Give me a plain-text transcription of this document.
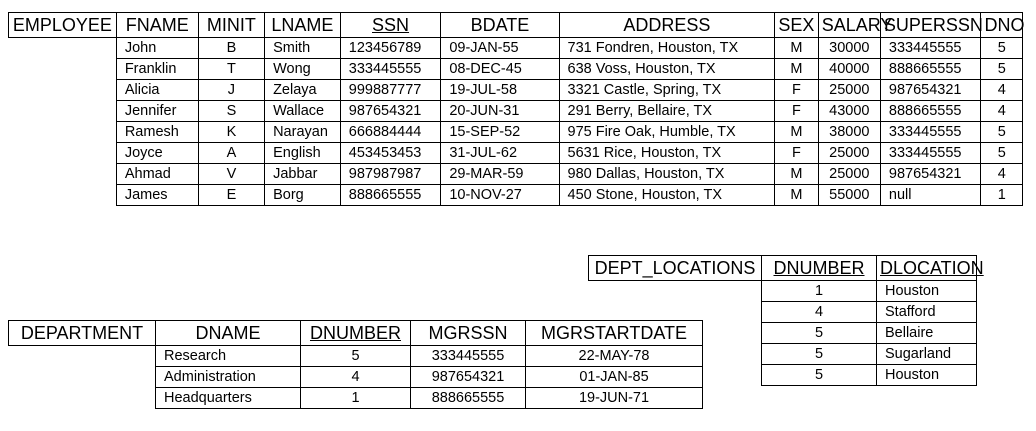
EMPLOYEE	FNAME	MINIT	LNAME	SSN	BDATE	ADDRESS	SEX	SALARY	SUPERSSN	DNO
	John	B	Smith	123456789	09-JAN-55	731 Fondren, Houston, TX	M	30000	333445555	5
	Franklin	T	Wong	333445555	08-DEC-45	638 Voss, Houston, TX	M	40000	888665555	5
	Alicia	J	Zelaya	999887777	19-JUL-58	3321 Castle, Spring, TX	F	25000	987654321	4
	Jennifer	S	Wallace	987654321	20-JUN-31	291 Berry, Bellaire, TX	F	43000	888665555	4
	Ramesh	K	Narayan	666884444	15-SEP-52	975 Fire Oak, Humble, TX	M	38000	333445555	5
	Joyce	A	English	453453453	31-JUL-62	5631 Rice, Houston, TX	F	25000	333445555	5
	Ahmad	V	Jabbar	987987987	29-MAR-59	980 Dallas, Houston, TX	M	25000	987654321	4
	James	E	Borg	888665555	10-NOV-27	450 Stone, Houston, TX	M	55000	null	1
DEPT_LOCATIONS	DNUMBER	DLOCATION
	1	Houston
	4	Stafford
	5	Bellaire
	5	Sugarland
	5	Houston
DEPARTMENT	DNAME	DNUMBER	MGRSSN	MGRSTARTDATE
	Research	5	333445555	22-MAY-78
	Administration	4	987654321	01-JAN-85
	Headquarters	1	888665555	19-JUN-71
